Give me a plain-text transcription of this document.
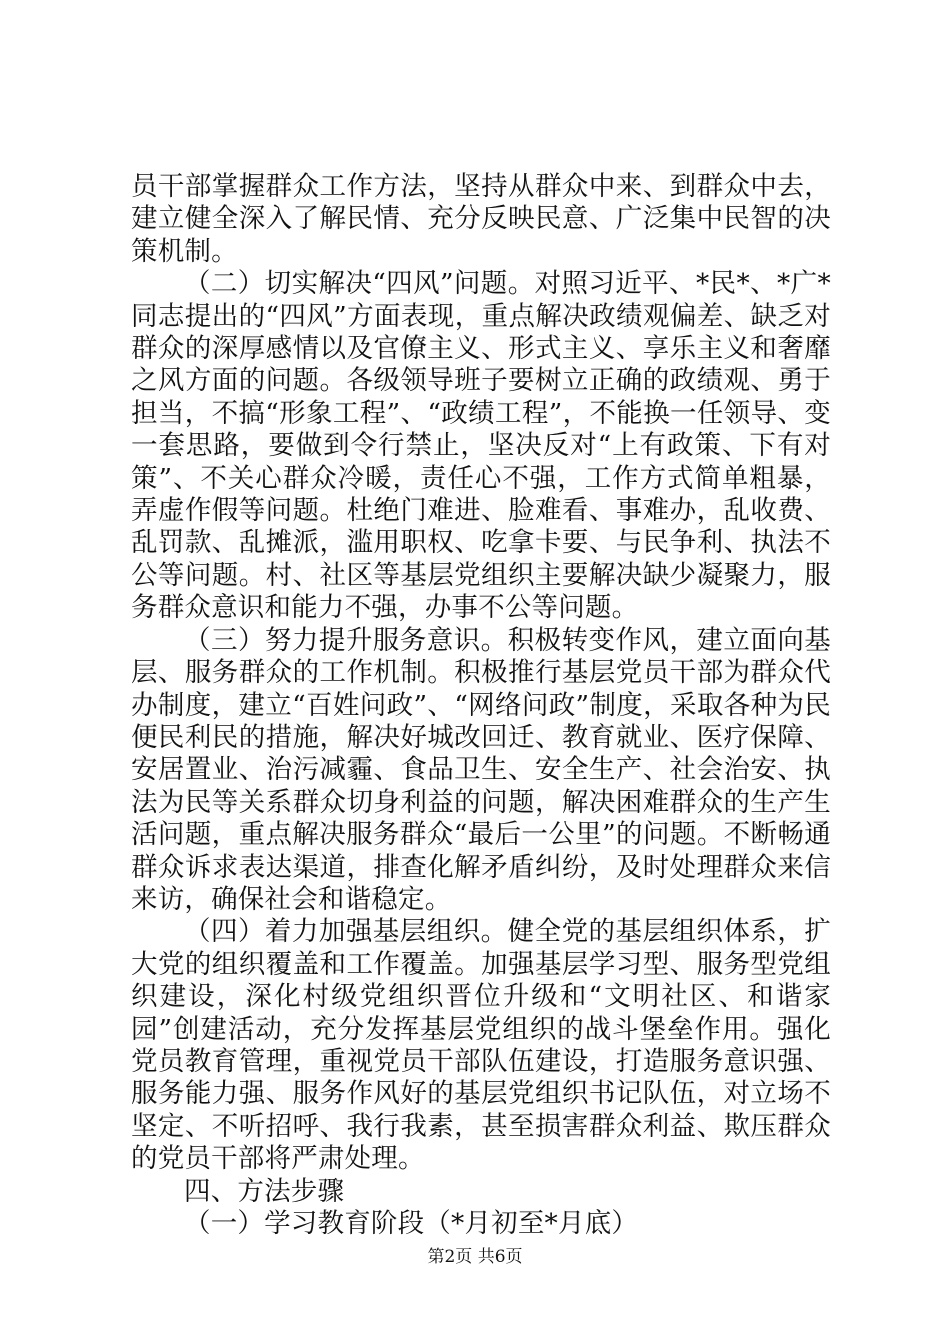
员干部掌握群众工作方法，坚持从群众中来、到群众中去，建立健全深入了解民情、充分反映民意、广泛集中民智的决策机制。

（二）切实解决“四风”问题。对照习近平、*民*、*广*同志提出的“四风”方面表现，重点解决政绩观偏差、缺乏对群众的深厚感情以及官僚主义、形式主义、享乐主义和奢靡之风方面的问题。各级领导班子要树立正确的政绩观、勇于担当，不搞“形象工程”、“政绩工程”，不能换一任领导、变一套思路，要做到令行禁止，坚决反对“上有政策、下有对策”、不关心群众冷暖，责任心不强，工作方式简单粗暴，弄虚作假等问题。杜绝门难进、脸难看、事难办，乱收费、乱罚款、乱摊派，滥用职权、吃拿卡要、与民争利、执法不公等问题。村、社区等基层党组织主要解决缺少凝聚力，服务群众意识和能力不强，办事不公等问题。

（三）努力提升服务意识。积极转变作风，建立面向基层、服务群众的工作机制。积极推行基层党员干部为群众代办制度，建立“百姓问政”、“网络问政”制度，采取各种为民便民利民的措施，解决好城改回迁、教育就业、医疗保障、安居置业、治污减霾、食品卫生、安全生产、社会治安、执法为民等关系群众切身利益的问题，解决困难群众的生产生活问题，重点解决服务群众“最后一公里”的问题。不断畅通群众诉求表达渠道，排查化解矛盾纠纷，及时处理群众来信来访，确保社会和谐稳定。

（四）着力加强基层组织。健全党的基层组织体系，扩大党的组织覆盖和工作覆盖。加强基层学习型、服务型党组织建设，深化村级党组织晋位升级和“文明社区、和谐家园”创建活动，充分发挥基层党组织的战斗堡垒作用。强化党员教育管理，重视党员干部队伍建设，打造服务意识强、服务能力强、服务作风好的基层党组织书记队伍，对立场不坚定、不听招呼、我行我素，甚至损害群众利益、欺压群众的党员干部将严肃处理。

四、方法步骤

（一）学习教育阶段（*月初至*月底）

第2页 共6页
